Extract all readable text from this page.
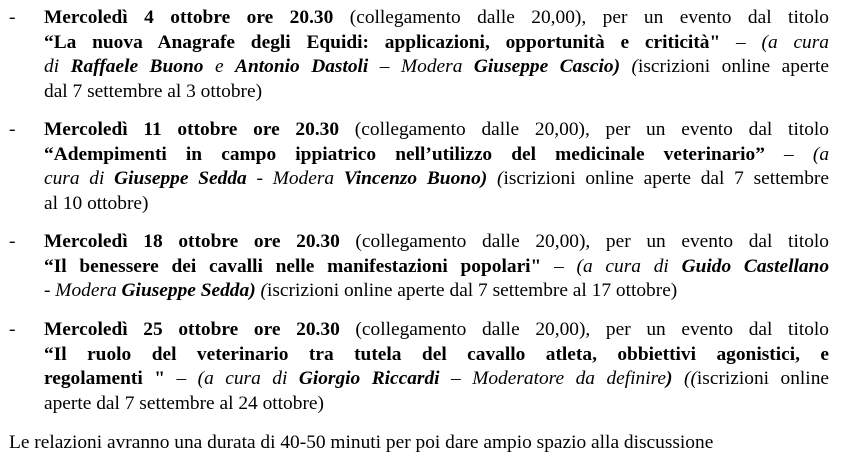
- Mercoledì 4 ottobre ore 20.30 (collegamento dalle 20,00), per un evento dal titolo
“La nuova Anagrafe degli Equidi: applicazioni, opportunità e criticità" – (a cura
di Raffaele Buono e Antonio Dastoli – Modera Giuseppe Cascio) (iscrizioni online aperte
dal 7 settembre al 3 ottobre)
- Mercoledì 11 ottobre ore 20.30 (collegamento dalle 20,00), per un evento dal titolo
“Adempimenti in campo ippiatrico nell’utilizzo del medicinale veterinario” – (a
cura di Giuseppe Sedda - Modera Vincenzo Buono) (iscrizioni online aperte dal 7 settembre
al 10 ottobre)
- Mercoledì 18 ottobre ore 20.30 (collegamento dalle 20,00), per un evento dal titolo
“Il benessere dei cavalli nelle manifestazioni popolari" – (a cura di Guido Castellano
- Modera Giuseppe Sedda) (iscrizioni online aperte dal 7 settembre al 17 ottobre)
- Mercoledì 25 ottobre ore 20.30 (collegamento dalle 20,00), per un evento dal titolo
“Il ruolo del veterinario tra tutela del cavallo atleta, obbiettivi agonistici, e
regolamenti " – (a cura di Giorgio Riccardi – Moderatore da definire) ((iscrizioni online
aperte dal 7 settembre al 24 ottobre)
Le relazioni avranno una durata di 40-50 minuti per poi dare ampio spazio alla discussione
